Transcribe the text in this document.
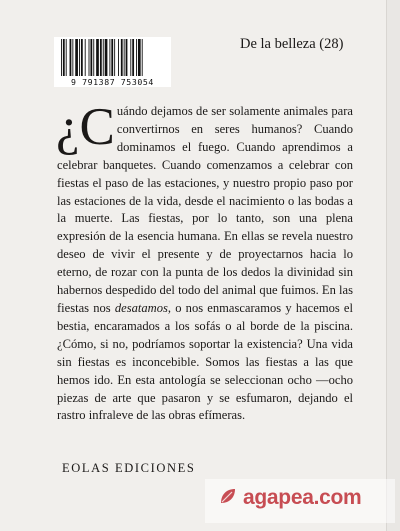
9 791387 753054
De la belleza (28)

¿C uándo dejamos de ser solamente animales para convertirnos en seres humanos? Cuando dominamos el fuego. Cuando aprendimos a celebrar banquetes. Cuando comenzamos a celebrar con fiestas el paso de las estaciones, y nuestro propio paso por las estaciones de la vida, desde el nacimiento o las bodas a la muerte. Las fiestas, por lo tanto, son una plena expresión de la esencia humana. En ellas se revela nuestro deseo de vivir el presente y de proyectarnos hacia lo eterno, de rozar con la punta de los dedos la divinidad sin habernos despedido del todo del animal que fuimos. En las fiestas nos desatamos, o nos enmascaramos y hacemos el bestia, encaramados a los sofás o al borde de la piscina. ¿Cómo, si no, podríamos soportar la existencia? Una vida sin fiestas es inconcebible. Somos las fiestas a las que hemos ido. En esta antología se seleccionan ocho —ocho piezas de arte que pasaron y se esfumaron, dejando el rastro infraleve de las obras efímeras.

EOLAS EDICIONES
agapea.com
